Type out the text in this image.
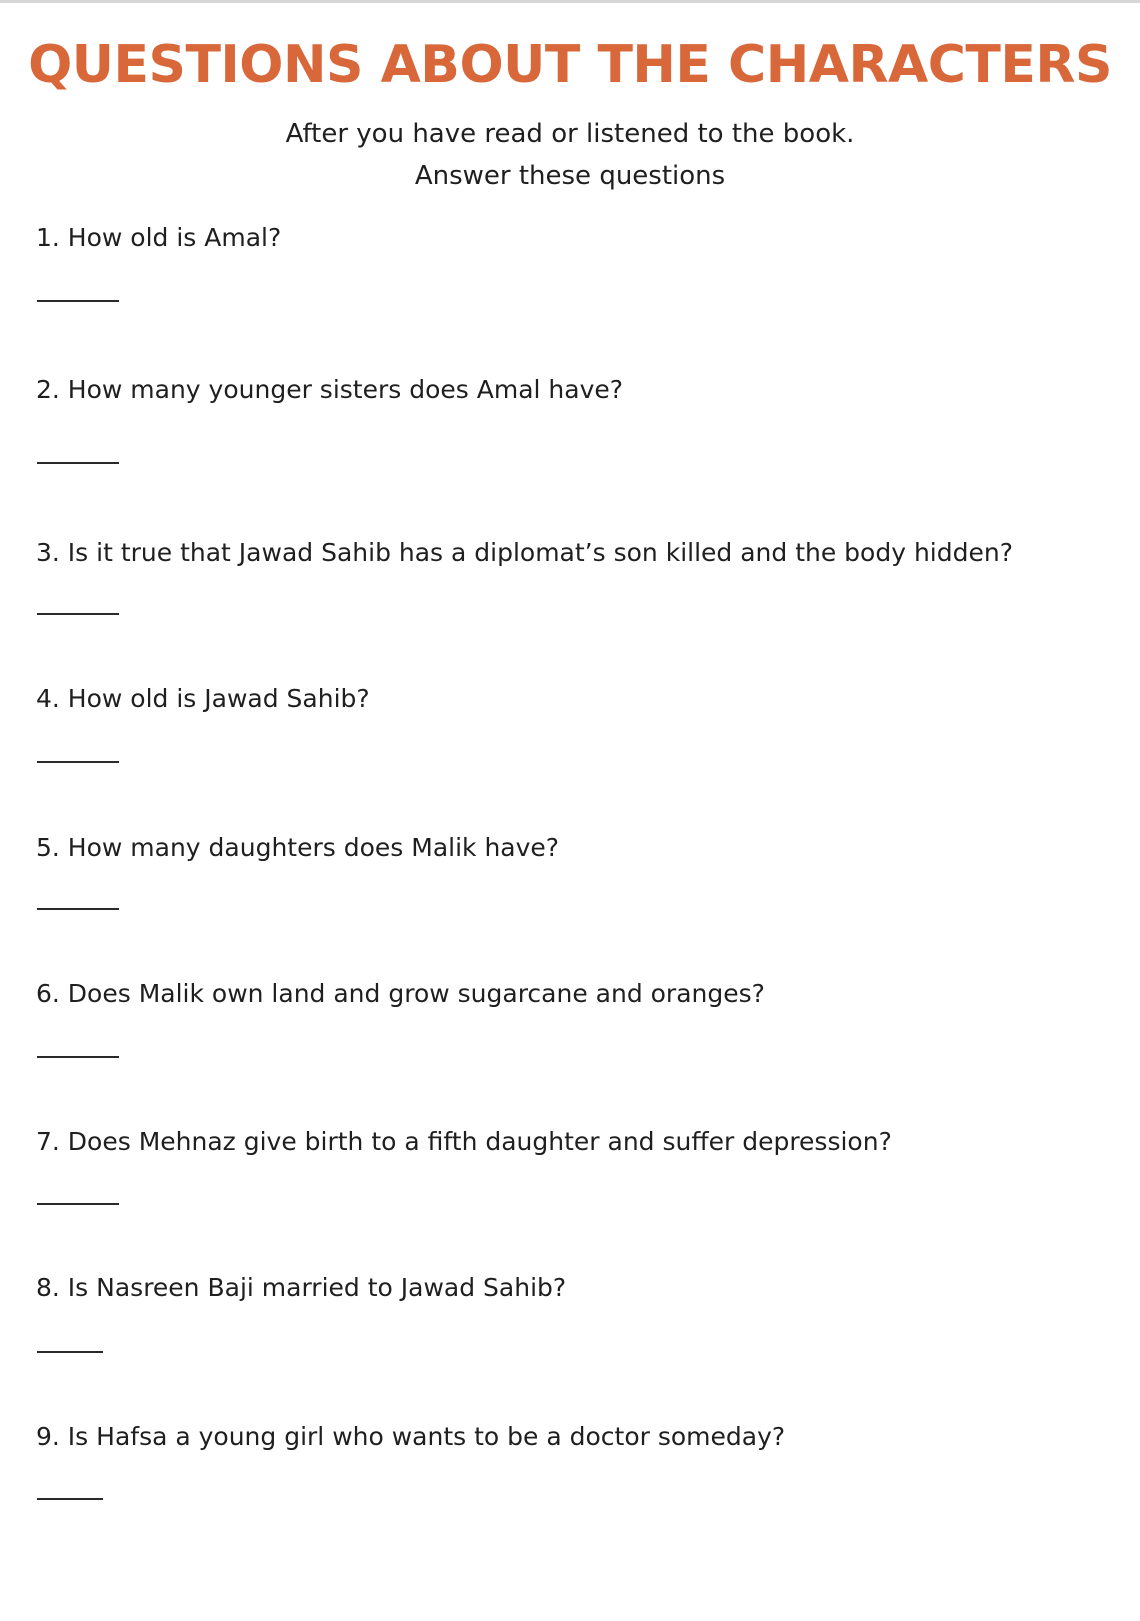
QUESTIONS ABOUT THE CHARACTERS
After you have read or listened to the book.
Answer these questions
1. How old is Amal?
2. How many younger sisters does Amal have?
3. Is it true that Jawad Sahib has a diplomat’s son killed and the body hidden?
4. How old is Jawad Sahib?
5. How many daughters does Malik have?
6. Does Malik own land and grow sugarcane and oranges?
7. Does Mehnaz give birth to a fifth daughter and suffer depression?
8. Is Nasreen Baji married to Jawad Sahib?
9. Is Hafsa a young girl who wants to be a doctor someday?
